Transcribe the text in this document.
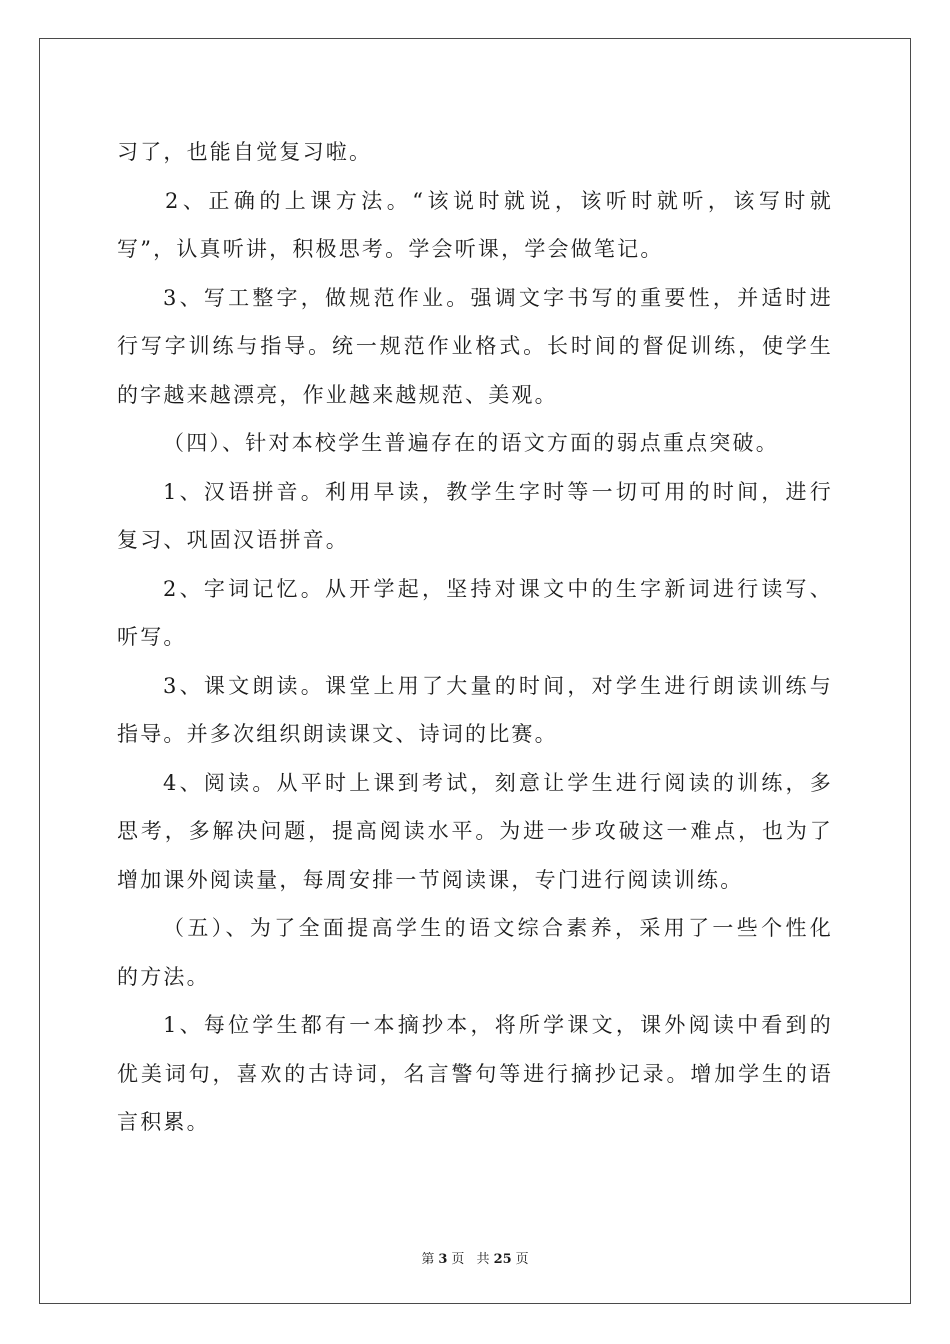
习了，也能自觉复习啦。
2、正确的上课方法。“该说时就说，该听时就听，该写时就
写”，认真听讲，积极思考。学会听课，学会做笔记。
3、写工整字，做规范作业。强调文字书写的重要性，并适时进
行写字训练与指导。统一规范作业格式。长时间的督促训练，使学生
的字越来越漂亮，作业越来越规范、美观。
（四）、针对本校学生普遍存在的语文方面的弱点重点突破。
1、汉语拼音。利用早读，教学生字时等一切可用的时间，进行
复习、巩固汉语拼音。
2、字词记忆。从开学起，坚持对课文中的生字新词进行读写、
听写。
3、课文朗读。课堂上用了大量的时间，对学生进行朗读训练与
指导。并多次组织朗读课文、诗词的比赛。
4、阅读。从平时上课到考试，刻意让学生进行阅读的训练，多
思考，多解决问题，提高阅读水平。为进一步攻破这一难点，也为了
增加课外阅读量，每周安排一节阅读课，专门进行阅读训练。
（五）、为了全面提高学生的语文综合素养，采用了一些个性化
的方法。
1、每位学生都有一本摘抄本，将所学课文，课外阅读中看到的
优美词句，喜欢的古诗词，名言警句等进行摘抄记录。增加学生的语
言积累。
第 3 页 共 25 页
